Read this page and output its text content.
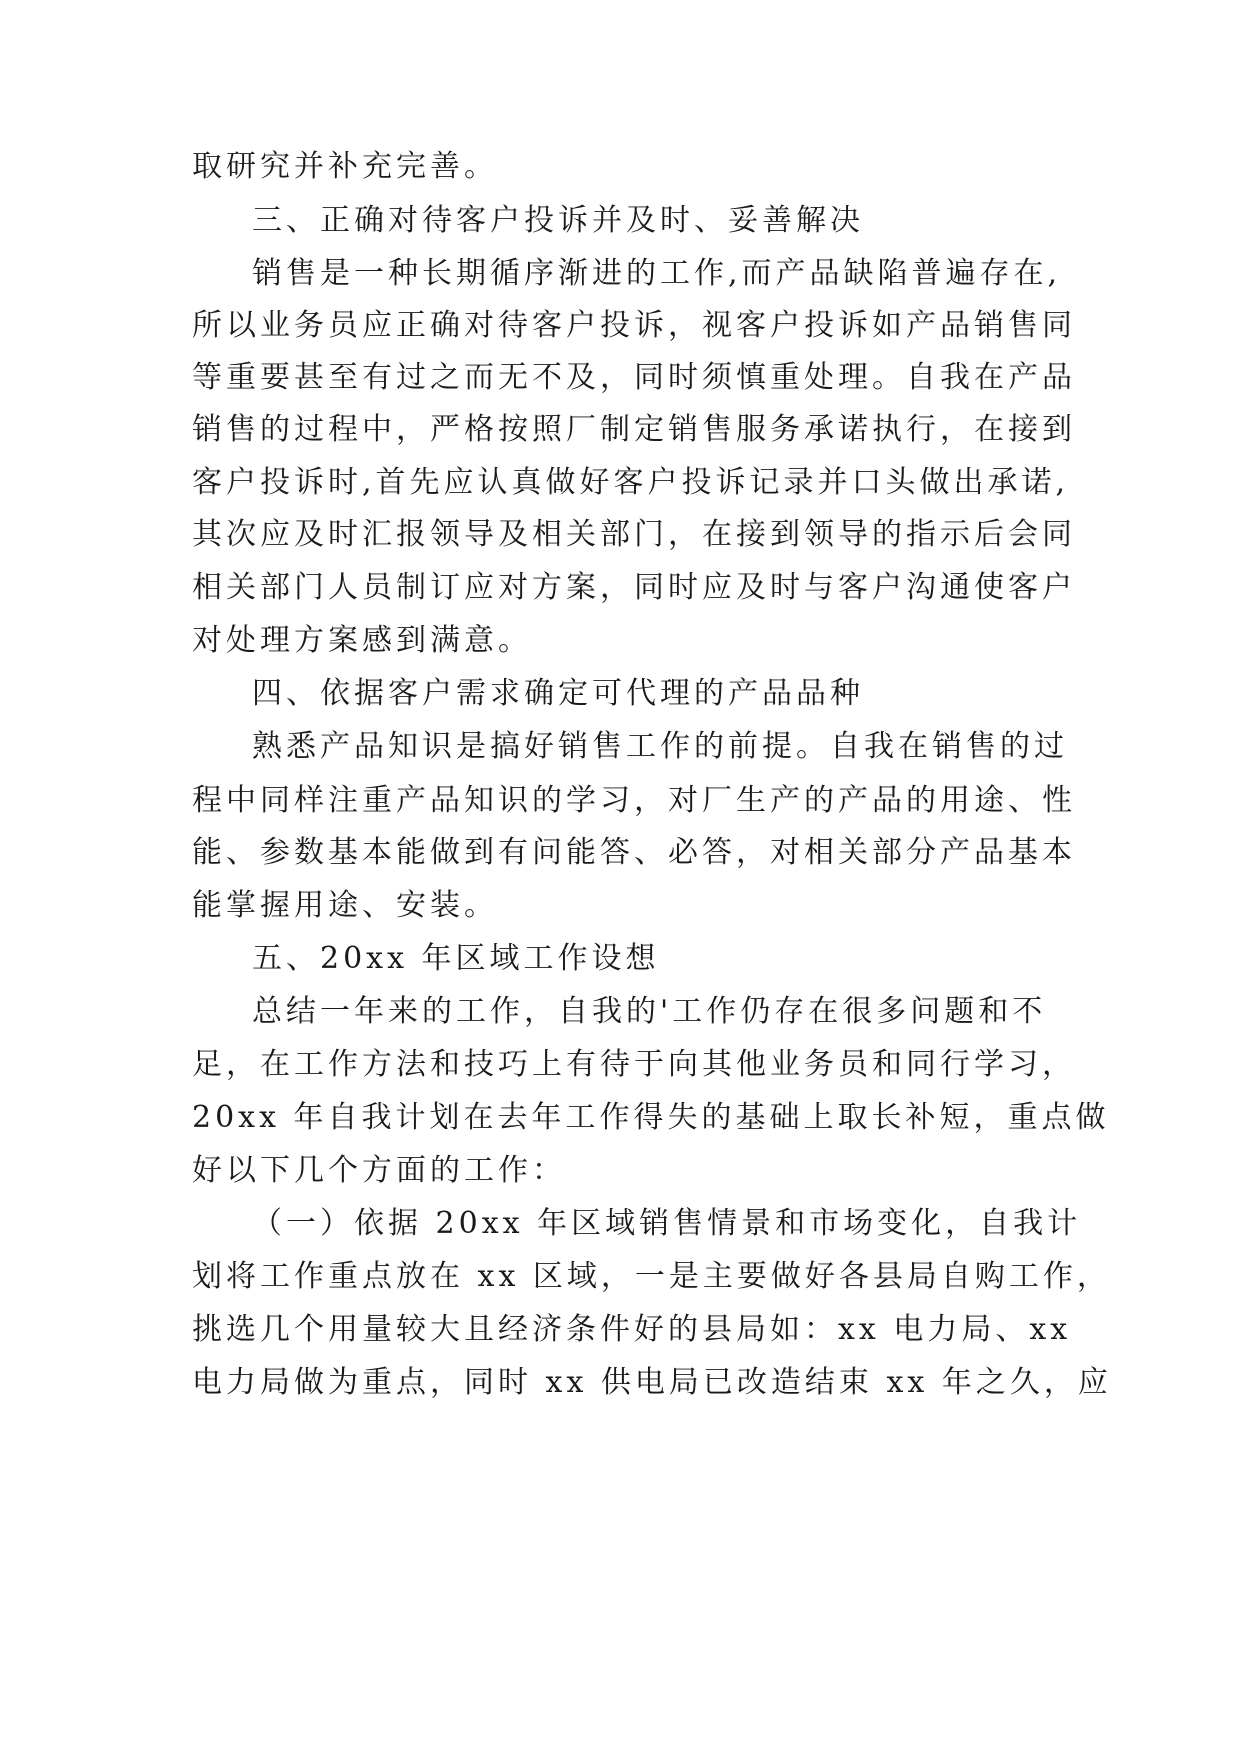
取研究并补充完善。

三、正确对待客户投诉并及时、妥善解决

销售是一种长期循序渐进的工作,而产品缺陷普遍存在,

所以业务员应正确对待客户投诉，视客户投诉如产品销售同

等重要甚至有过之而无不及，同时须慎重处理。自我在产品

销售的过程中，严格按照厂制定销售服务承诺执行，在接到

客户投诉时,首先应认真做好客户投诉记录并口头做出承诺,

其次应及时汇报领导及相关部门，在接到领导的指示后会同

相关部门人员制订应对方案，同时应及时与客户沟通使客户

对处理方案感到满意。

四、依据客户需求确定可代理的产品品种

熟悉产品知识是搞好销售工作的前提。自我在销售的过

程中同样注重产品知识的学习，对厂生产的产品的用途、性

能、参数基本能做到有问能答、必答，对相关部分产品基本

能掌握用途、安装。

五、20xx 年区域工作设想

总结一年来的工作，自我的'工作仍存在很多问题和不

足，在工作方法和技巧上有待于向其他业务员和同行学习，

20xx 年自我计划在去年工作得失的基础上取长补短，重点做

好以下几个方面的工作：

（一）依据 20xx 年区域销售情景和市场变化，自我计

划将工作重点放在 xx 区域，一是主要做好各县局自购工作，

挑选几个用量较大且经济条件好的县局如：xx 电力局、xx

电力局做为重点，同时 xx 供电局已改造结束 xx 年之久，应
